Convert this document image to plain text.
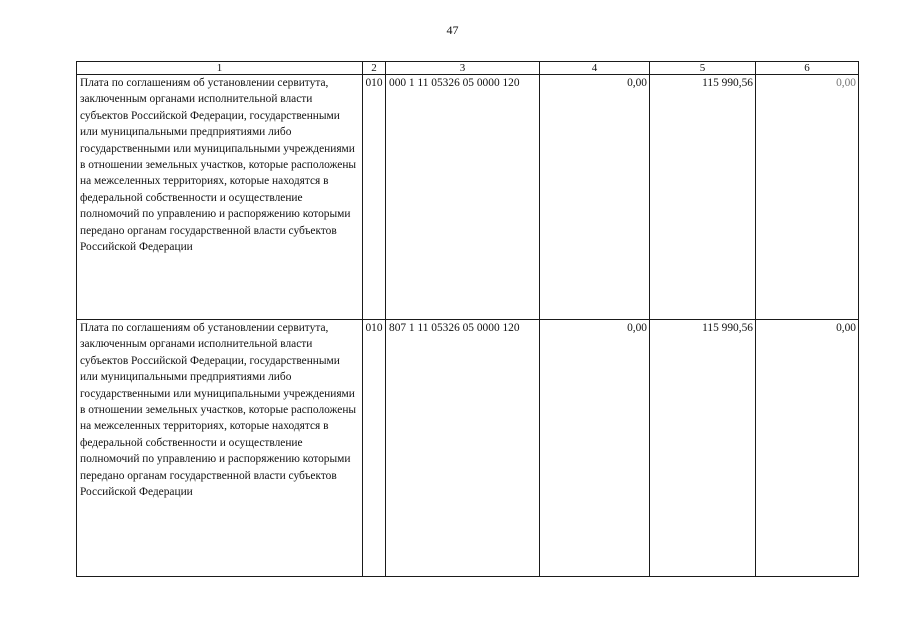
47
1	2	3	4	5	6
Плата по соглашениям об установлении сервитута, заключенным органами исполнительной власти субъектов Российской Федерации, государственными или муниципальными предприятиями либо государственными или муниципальными учреждениями в отношении земельных участков, которые расположены на межселенных территориях, которые находятся в федеральной собственности и осуществление полномочий по управлению и распоряжению которыми передано органам государственной власти субъектов Российской Федерации	010	000 1 11 05326 05 0000 120	0,00	115 990,56	0,00
Плата по соглашениям об установлении сервитута, заключенным органами исполнительной власти субъектов Российской Федерации, государственными или муниципальными предприятиями либо государственными или муниципальными учреждениями в отношении земельных участков, которые расположены на межселенных территориях, которые находятся в федеральной собственности и осуществление полномочий по управлению и распоряжению которыми передано органам государственной власти субъектов Российской Федерации	010	807 1 11 05326 05 0000 120	0,00	115 990,56	0,00
